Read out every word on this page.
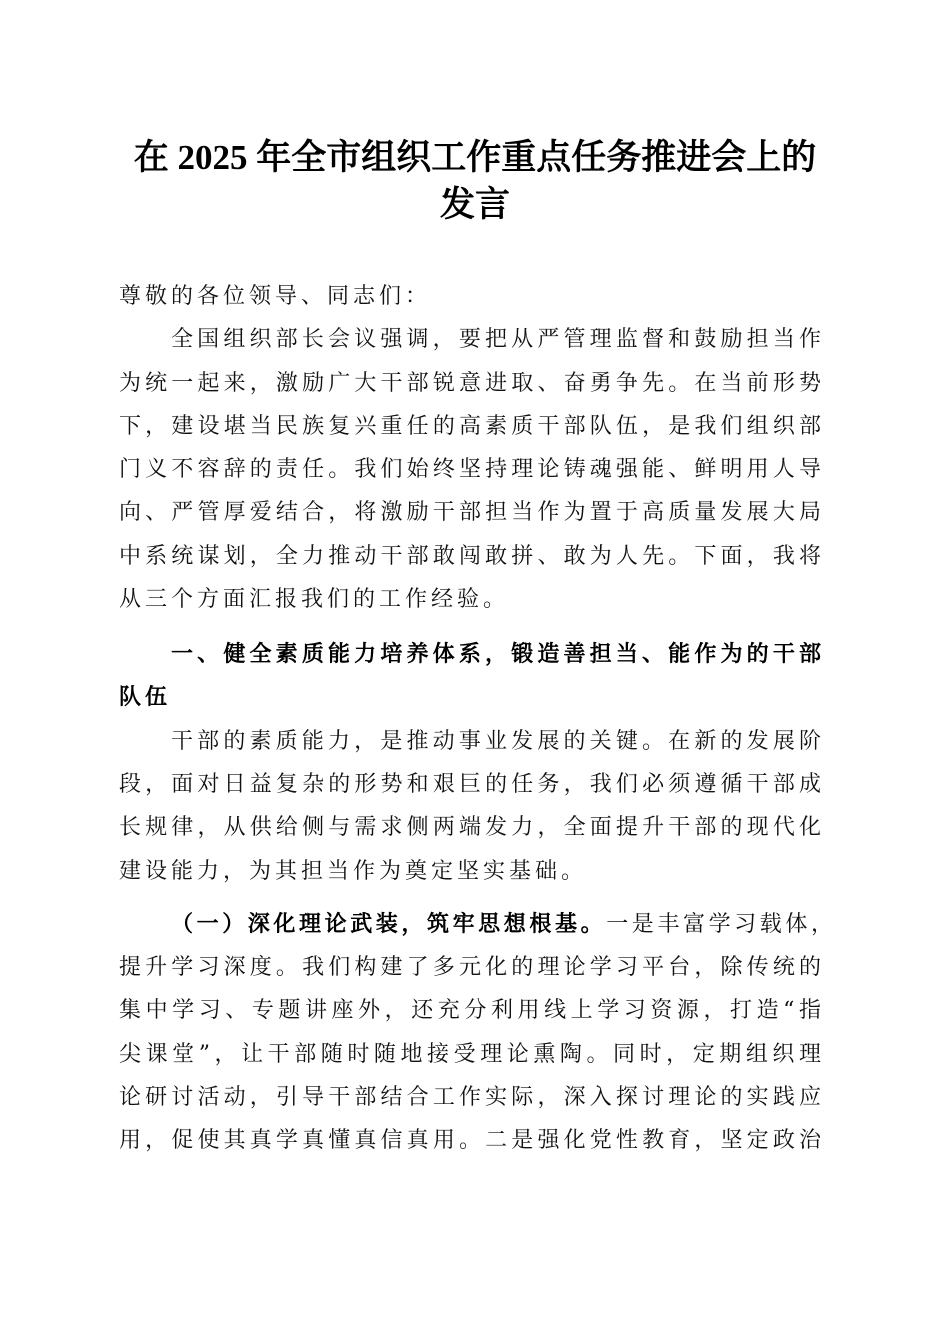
在 2025 年全市组织工作重点任务推进会上的
发言
尊敬的各位领导、同志们：
全国组织部长会议强调，要把从严管理监督和鼓励担当作
为统一起来，激励广大干部锐意进取、奋勇争先。在当前形势
下，建设堪当民族复兴重任的高素质干部队伍，是我们组织部
门义不容辞的责任。我们始终坚持理论铸魂强能、鲜明用人导
向、严管厚爱结合，将激励干部担当作为置于高质量发展大局
中系统谋划，全力推动干部敢闯敢拼、敢为人先。下面，我将
从三个方面汇报我们的工作经验。
一、健全素质能力培养体系，锻造善担当、能作为的干部
队伍
干部的素质能力，是推动事业发展的关键。在新的发展阶
段，面对日益复杂的形势和艰巨的任务，我们必须遵循干部成
长规律，从供给侧与需求侧两端发力，全面提升干部的现代化
建设能力，为其担当作为奠定坚实基础。
（一）深化理论武装，筑牢思想根基。一是丰富学习载体，
提升学习深度。我们构建了多元化的理论学习平台，除传统的
集中学习、专题讲座外，还充分利用线上学习资源，打造“指
尖课堂”，让干部随时随地接受理论熏陶。同时，定期组织理
论研讨活动，引导干部结合工作实际，深入探讨理论的实践应
用，促使其真学真懂真信真用。二是强化党性教育，坚定政治
